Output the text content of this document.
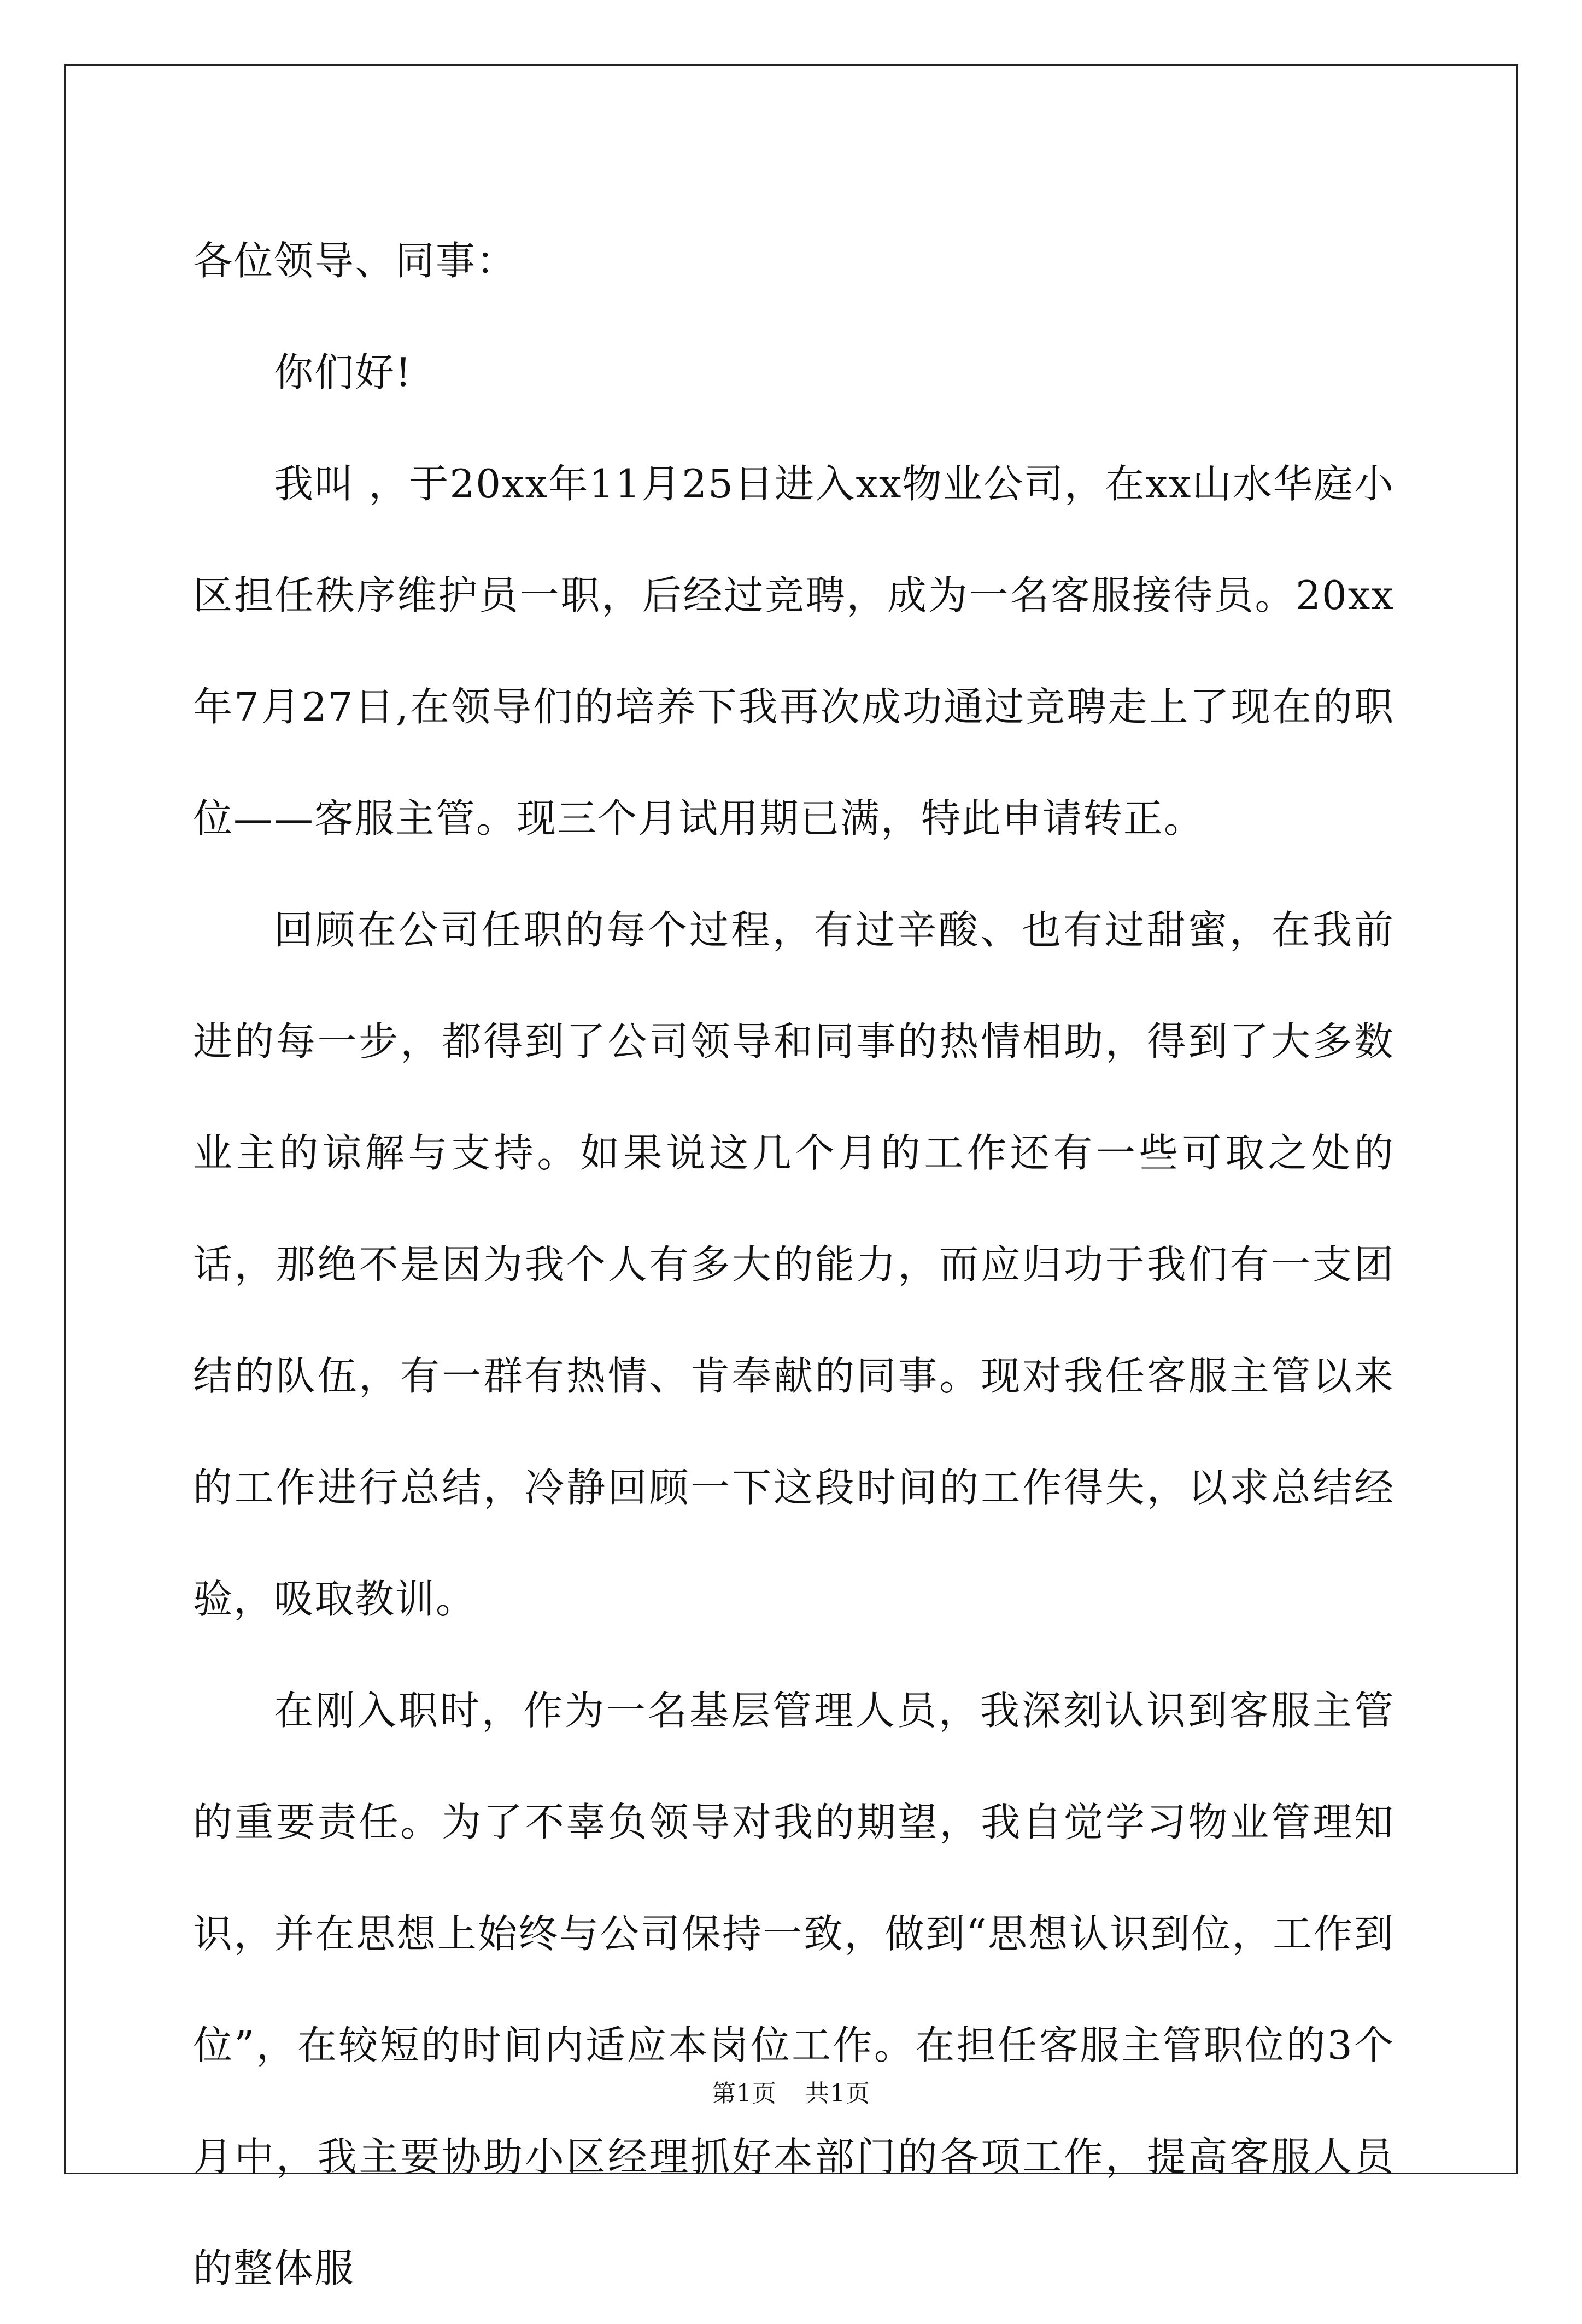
各位领导、同事：

你们好!

我叫 ，于20xx年11月25日进入xx物业公司，在xx山水华庭小区担任秩序维护员一职，后经过竞聘，成为一名客服接待员。20xx年7月27日,在领导们的培养下我再次成功通过竞聘走上了现在的职位——客服主管。现三个月试用期已满，特此申请转正。

回顾在公司任职的每个过程，有过辛酸、也有过甜蜜，在我前进的每一步，都得到了公司领导和同事的热情相助，得到了大多数业主的谅解与支持。如果说这几个月的工作还有一些可取之处的话，那绝不是因为我个人有多大的能力，而应归功于我们有一支团结的队伍，有一群有热情、肯奉献的同事。现对我任客服主管以来的工作进行总结，冷静回顾一下这段时间的工作得失，以求总结经验，吸取教训。

在刚入职时，作为一名基层管理人员，我深刻认识到客服主管的重要责任。为了不辜负领导对我的期望，我自觉学习物业管理知识，并在思想上始终与公司保持一致，做到“思想认识到位，工作到位”，在较短的时间内适应本岗位工作。在担任客服主管职位的3个月中，我主要协助小区经理抓好本部门的各项工作，提高客服人员的整体服

第1页 共1页
